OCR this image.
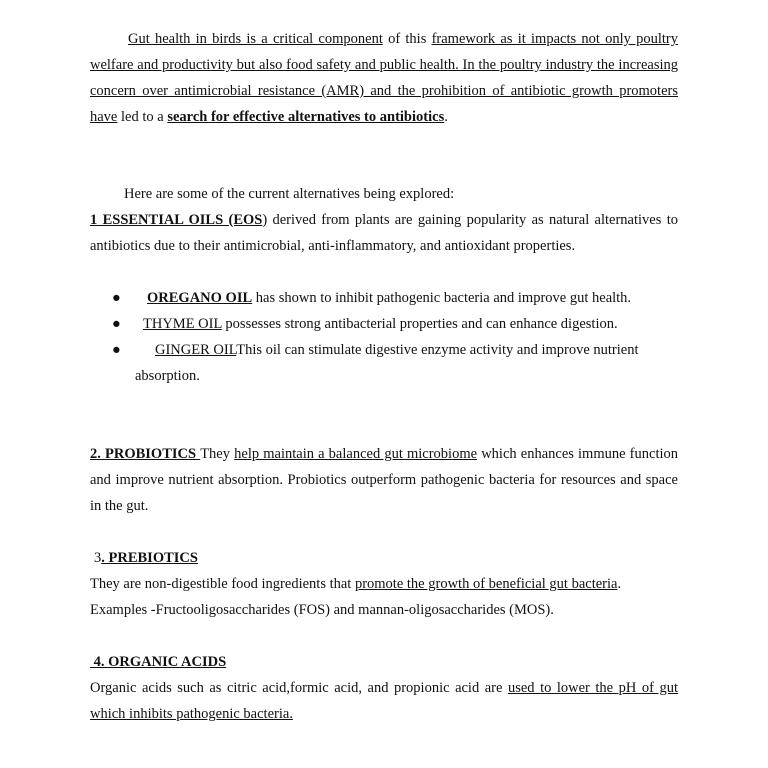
Gut health in birds is a critical component of this framework as it impacts not only poultry welfare and productivity but also food safety and public health. In the poultry industry the increasing concern over antimicrobial resistance (AMR) and the prohibition of antibiotic growth promoters have led to a search for effective alternatives to antibiotics.

Here are some of the current alternatives being explored:

1 ESSENTIAL OILS (EOS) derived from plants are gaining popularity as natural alternatives to antibiotics due to their antimicrobial, anti-inflammatory, and antioxidant properties.

● OREGANO OIL has shown to inhibit pathogenic bacteria and improve gut health.
● THYME OIL possesses strong antibacterial properties and can enhance digestion.
● GINGER OILThis oil can stimulate digestive enzyme activity and improve nutrient
absorption.

2. PROBIOTICS They help maintain a balanced gut microbiome which enhances immune function and improve nutrient absorption. Probiotics outperform pathogenic bacteria for resources and space in the gut.

3. PREBIOTICS

They are non-digestible food ingredients that promote the growth of beneficial gut bacteria.
Examples -Fructooligosaccharides (FOS) and mannan-oligosaccharides (MOS).

4. ORGANIC ACIDS

Organic acids such as citric acid,formic acid, and propionic acid are used to lower the pH of gut which inhibits pathogenic bacteria.
